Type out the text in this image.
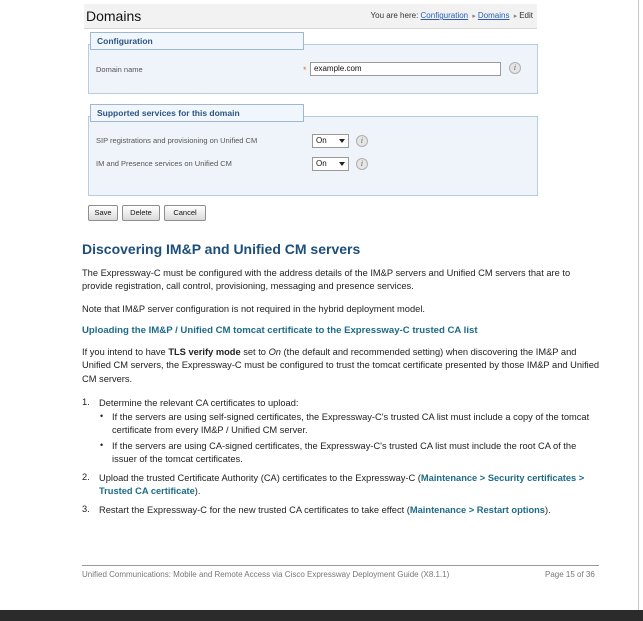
Domains	You are here: Configuration ▸ Domains ▸ Edit
Configuration
Domain name	* example.com	i
Supported services for this domain
SIP registrations and provisioning on Unified CM	On	i
IM and Presence services on Unified CM	On	i
Save	Delete	Cancel
Discovering IM&P and Unified CM servers
The Expressway-C must be configured with the address details of the IM&P servers and Unified CM servers that are to provide registration, call control, provisioning, messaging and presence services.
Note that IM&P server configuration is not required in the hybrid deployment model.
Uploading the IM&P / Unified CM tomcat certificate to the Expressway-C trusted CA list
If you intend to have TLS verify mode set to On (the default and recommended setting) when discovering the IM&P and Unified CM servers, the Expressway-C must be configured to trust the tomcat certificate presented by those IM&P and Unified CM servers.
1. Determine the relevant CA certificates to upload:
• If the servers are using self-signed certificates, the Expressway-C's trusted CA list must include a copy of the tomcat certificate from every IM&P / Unified CM server.
• If the servers are using CA-signed certificates, the Expressway-C's trusted CA list must include the root CA of the issuer of the tomcat certificates.
2. Upload the trusted Certificate Authority (CA) certificates to the Expressway-C (Maintenance > Security certificates > Trusted CA certificate).
3. Restart the Expressway-C for the new trusted CA certificates to take effect (Maintenance > Restart options).
Unified Communications: Mobile and Remote Access via Cisco Expressway Deployment Guide (X8.1.1)	Page 15 of 36
